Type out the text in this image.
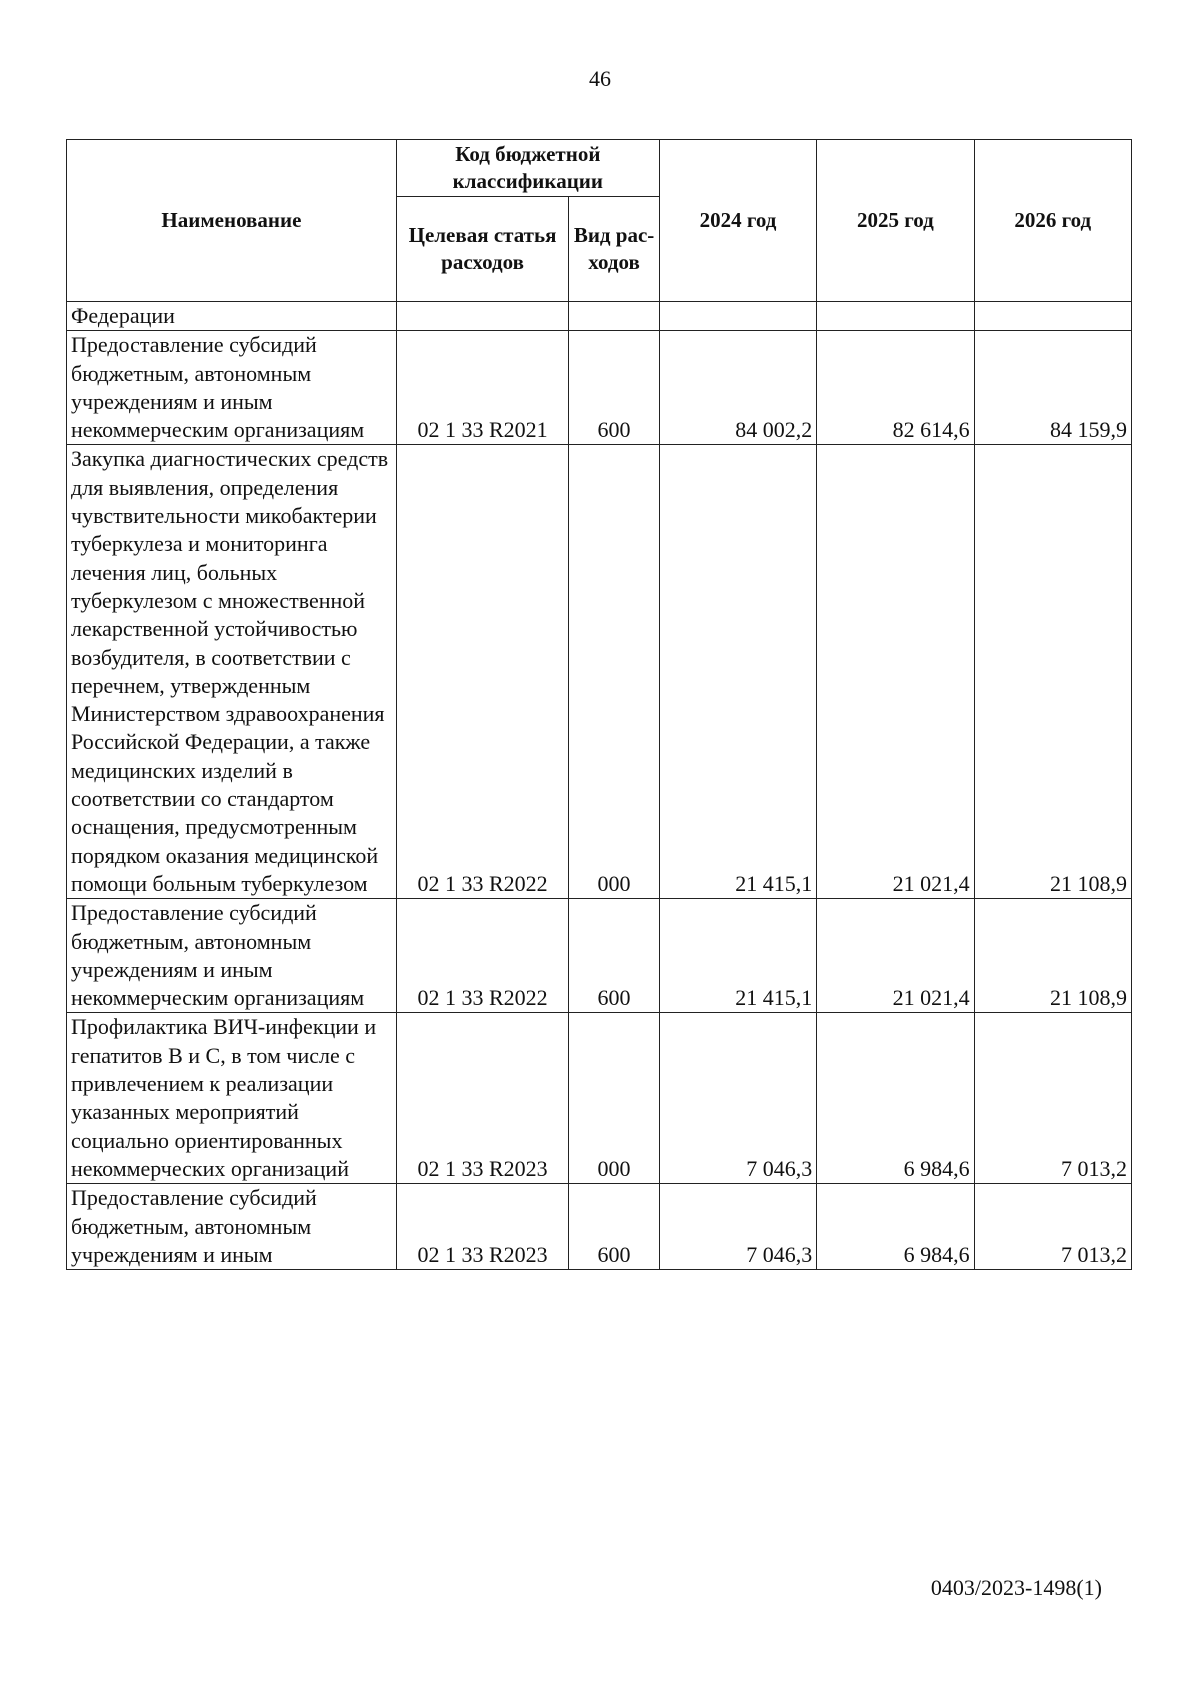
46
Наименование	Код бюджетной классификации		2024 год	2025 год	2026 год
	Целевая статья расходов	Вид рас-ходов			
Федерации					
Предоставление субсидий бюджетным, автономным учреждениям и иным некоммерческим организациям	02 1 33 R2021	600	84 002,2	82 614,6	84 159,9
Закупка диагностических средств для выявления, определения чувствительности микобактерии туберкулеза и мониторинга лечения лиц, больных туберкулезом с множественной лекарственной устойчивостью возбудителя, в соответствии с перечнем, утвержденным Министерством здравоохранения Российской Федерации, а также медицинских изделий в соответствии со стандартом оснащения, предусмотренным порядком оказания медицинской помощи больным туберкулезом	02 1 33 R2022	000	21 415,1	21 021,4	21 108,9
Предоставление субсидий бюджетным, автономным учреждениям и иным некоммерческим организациям	02 1 33 R2022	600	21 415,1	21 021,4	21 108,9
Профилактика ВИЧ-инфекции и гепатитов В и С, в том числе с привлечением к реализации указанных мероприятий социально ориентированных некоммерческих организаций	02 1 33 R2023	000	7 046,3	6 984,6	7 013,2
Предоставление субсидий бюджетным, автономным учреждениям и иным	02 1 33 R2023	600	7 046,3	6 984,6	7 013,2
0403/2023-1498(1)
